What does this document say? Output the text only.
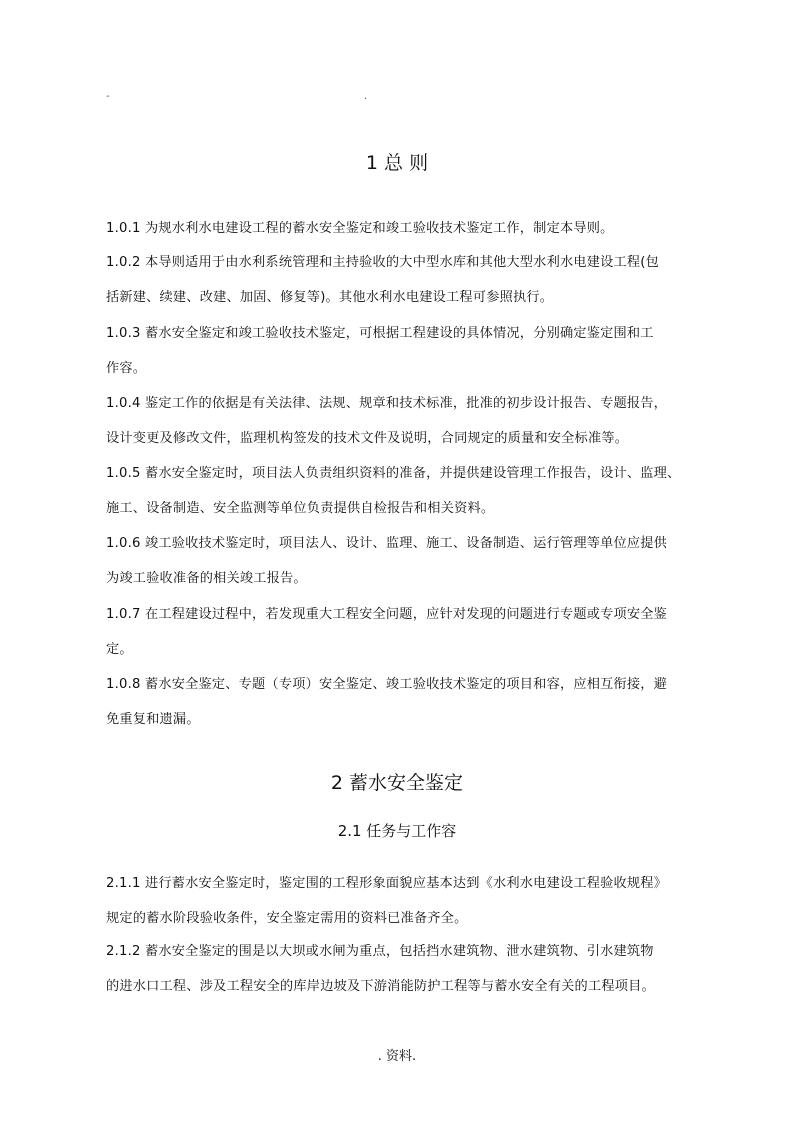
-	.
1 总 则
1.0.1 为规水利水电建设工程的蓄水安全鉴定和竣工验收技术鉴定工作，制定本导则。
1.0.2 本导则适用于由水利系统管理和主持验收的大中型水库和其他大型水利水电建设工程(包
括新建、续建、改建、加固、修复等)。其他水利水电建设工程可参照执行。
1.0.3 蓄水安全鉴定和竣工验收技术鉴定，可根据工程建设的具体情况，分别确定鉴定围和工
作容。
1.0.4 鉴定工作的依据是有关法律、法规、规章和技术标准，批准的初步设计报告、专题报告，
设计变更及修改文件，监理机构签发的技术文件及说明，合同规定的质量和安全标准等。
1.0.5 蓄水安全鉴定时，项目法人负责组织资料的准备，并提供建设管理工作报告，设计、监理、
施工、设备制造、安全监测等单位负责提供自检报告和相关资料。
1.0.6 竣工验收技术鉴定时，项目法人、设计、监理、施工、设备制造、运行管理等单位应提供
为竣工验收准备的相关竣工报告。
1.0.7 在工程建设过程中，若发现重大工程安全问题，应针对发现的问题进行专题或专项安全鉴
定。
1.0.8 蓄水安全鉴定、专题（专项）安全鉴定、竣工验收技术鉴定的项目和容，应相互衔接，避
免重复和遗漏。
2 蓄水安全鉴定
2.1 任务与工作容
2.1.1 进行蓄水安全鉴定时，鉴定围的工程形象面貌应基本达到《水利水电建设工程验收规程》
规定的蓄水阶段验收条件，安全鉴定需用的资料已准备齐全。
2.1.2 蓄水安全鉴定的围是以大坝或水闸为重点，包括挡水建筑物、泄水建筑物、引水建筑物
的进水口工程、涉及工程安全的库岸边坡及下游消能防护工程等与蓄水安全有关的工程项目。
. 资料.
